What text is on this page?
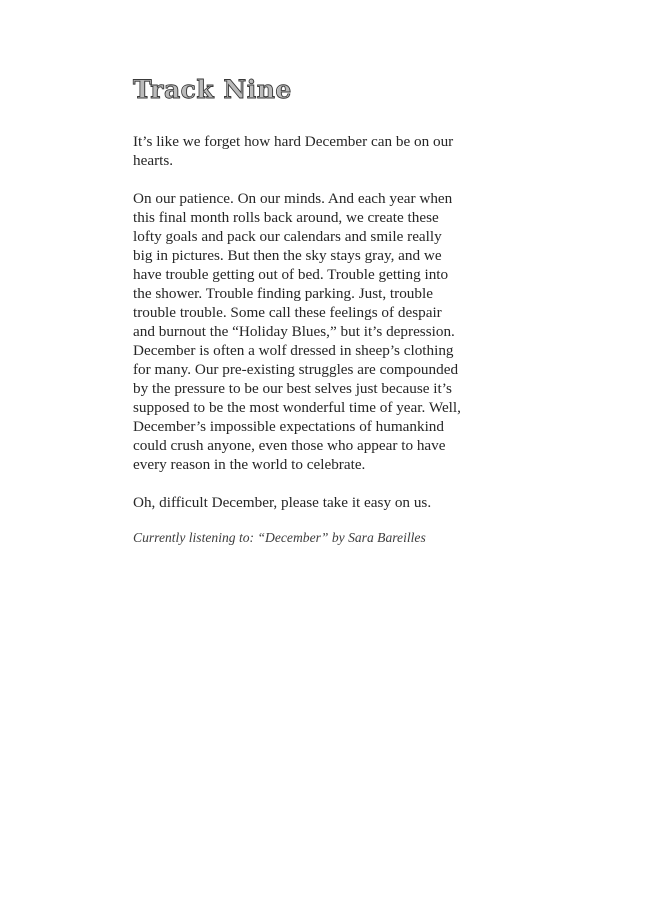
Track Nine

It’s like we forget how hard December can be on our hearts.

On our patience. On our minds. And each year when this final month rolls back around, we create these lofty goals and pack our calendars and smile really big in pictures. But then the sky stays gray, and we have trouble getting out of bed. Trouble getting into the shower. Trouble finding parking. Just, trouble trouble trouble. Some call these feelings of despair and burnout the “Holiday Blues,” but it’s depression. December is often a wolf dressed in sheep’s clothing for many. Our pre-existing struggles are compounded by the pressure to be our best selves just because it’s supposed to be the most wonderful time of year. Well, December’s impossible expectations of humankind could crush anyone, even those who appear to have every reason in the world to celebrate.

Oh, difficult December, please take it easy on us.

Currently listening to: “December” by Sara Bareilles
